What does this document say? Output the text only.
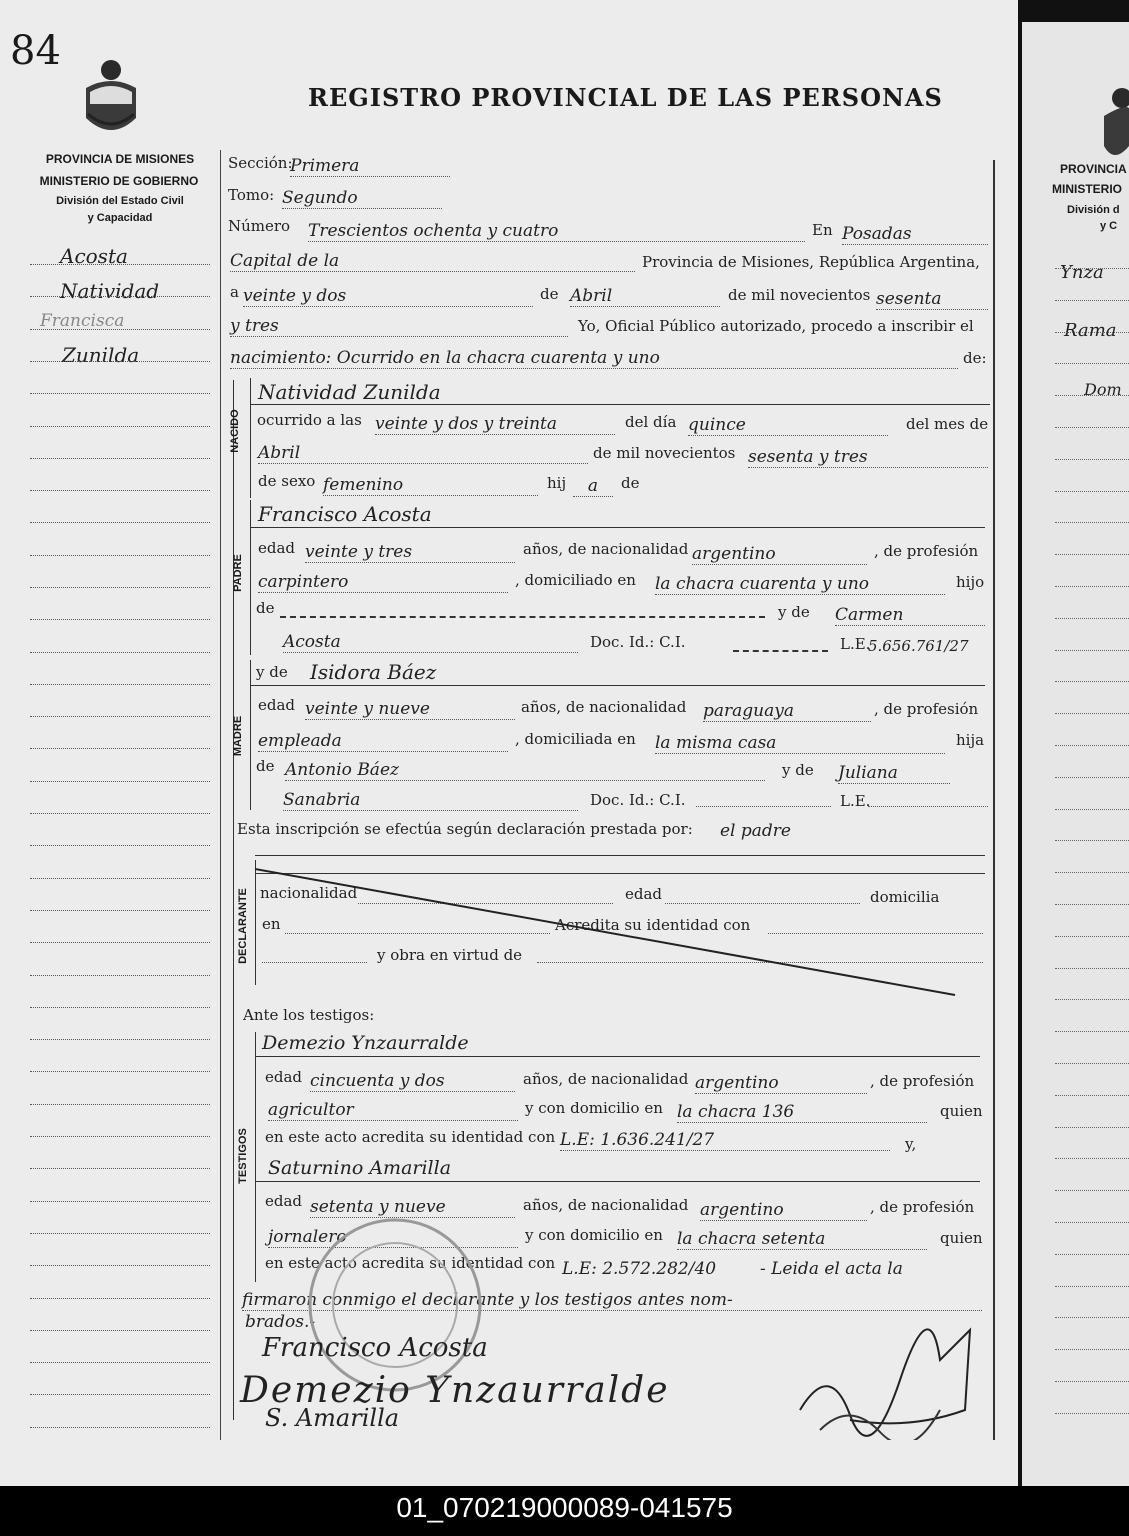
84
REGISTRO PROVINCIAL DE LAS PERSONAS
PROVINCIA DE MISIONES
MINISTERIO DE GOBIERNO
División del Estado Civil
y Capacidad
Acosta
Natividad
Francisca
Zunilda
NACIDO
PADRE
MADRE
DECLARANTE
TESTIGOS
Sección:
Primera
Tomo: Segundo
Número Trescientos ochenta y cuatro	En Posadas
Capital de la	Provincia de Misiones, República Argentina,
a veinte y dos	de Abril	de mil novecientos sesenta
y tres	Yo, Oficial Público autorizado, procedo a inscribir el
nacimiento: Ocurrido en la chacra cuarenta y uno	de:
Natividad Zunilda
ocurrido a las veinte y dos y treinta	del día quince	del mes de
Abril	de mil novecientos sesenta y tres
de sexo femenino	hij	a	de
Francisco Acosta
edad veinte y tres	años, de nacionalidad argentino	, de profesión
carpintero	, domiciliado en la chacra cuarenta y uno	hijo
de	y de Carmen
Acosta	Doc. Id.: C.I.	L.E.
5.656.761/27
y de Isidora Báez
edad veinte y nueve	años, de nacionalidad paraguaya	, de profesión
empleada	, domiciliada en la misma casa	hija
de Antonio Báez	y de Juliana
Sanabria	Doc. Id.: C.I.	L.E.
Esta inscripción se efectúa según declaración prestada por: el padre
nacionalidad	edad	domicilia
en	Acredita su identidad con
y obra en virtud de
Ante los testigos:
Demezio Ynzaurralde
edad cincuenta y dos	años, de nacionalidad argentino	, de profesión
agricultor	y con domicilio en la chacra 136	quien
en este acto acredita su identidad con L.E: 1.636.241/27	y,
Saturnino Amarilla
edad setenta y nueve	años, de nacionalidad argentino	, de profesión
jornalero	y con domicilio en la chacra setenta	quien
en este acto acredita su identidad con L.E: 2.572.282/40	- Leida el acta la
firmaron conmigo el declarante y los testigos antes nom-
brados.-
Francisco Acosta
Demezio Ynzaurralde
S. Amarilla
PROVINCIA
MINISTERIO
División d
y C
Ynza
Rama
Dom
01_070219000089-041575
